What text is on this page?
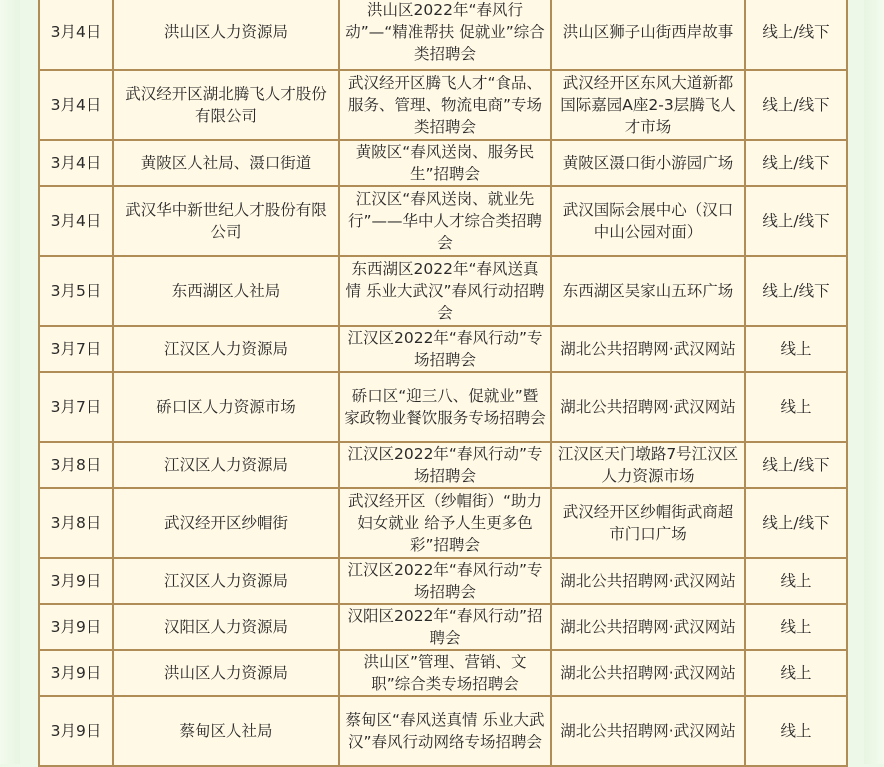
3月4日	洪山区人力资源局	洪山区2022年“春风行动”—“精准帮扶 促就业”综合类招聘会	洪山区狮子山街西岸故事	线上/线下
3月4日	武汉经开区湖北腾飞人才股份有限公司	武汉经开区腾飞人才“食品、服务、管理、物流电商”专场类招聘会	武汉经开区东风大道新都国际嘉园A座2-3层腾飞人才市场	线上/线下
3月4日	黄陂区人社局、滠口街道	黄陂区“春风送岗、服务民生”招聘会	黄陂区滠口街小游园广场	线上/线下
3月4日	武汉华中新世纪人才股份有限公司	江汉区“春风送岗、就业先行”——华中人才综合类招聘会	武汉国际会展中心（汉口中山公园对面）	线上/线下
3月5日	东西湖区人社局	东西湖区2022年“春风送真情 乐业大武汉”春风行动招聘会	东西湖区吴家山五环广场	线上/线下
3月7日	江汉区人力资源局	江汉区2022年“春风行动”专场招聘会	湖北公共招聘网·武汉网站	线上
3月7日	硚口区人力资源市场	硚口区“迎三八、促就业”暨家政物业餐饮服务专场招聘会	湖北公共招聘网·武汉网站	线上
3月8日	江汉区人力资源局	江汉区2022年“春风行动”专场招聘会	江汉区天门墩路7号江汉区人力资源市场	线上/线下
3月8日	武汉经开区纱帽街	武汉经开区（纱帽街）“助力妇女就业 给予人生更多色彩”招聘会	武汉经开区纱帽街武商超市门口广场	线上/线下
3月9日	江汉区人力资源局	江汉区2022年“春风行动”专场招聘会	湖北公共招聘网·武汉网站	线上
3月9日	汉阳区人力资源局	汉阳区2022年“春风行动”招聘会	湖北公共招聘网·武汉网站	线上
3月9日	洪山区人力资源局	洪山区”管理、营销、文职”综合类专场招聘会	湖北公共招聘网·武汉网站	线上
3月9日	蔡甸区人社局	蔡甸区“春风送真情 乐业大武汉”春风行动网络专场招聘会	湖北公共招聘网·武汉网站	线上
